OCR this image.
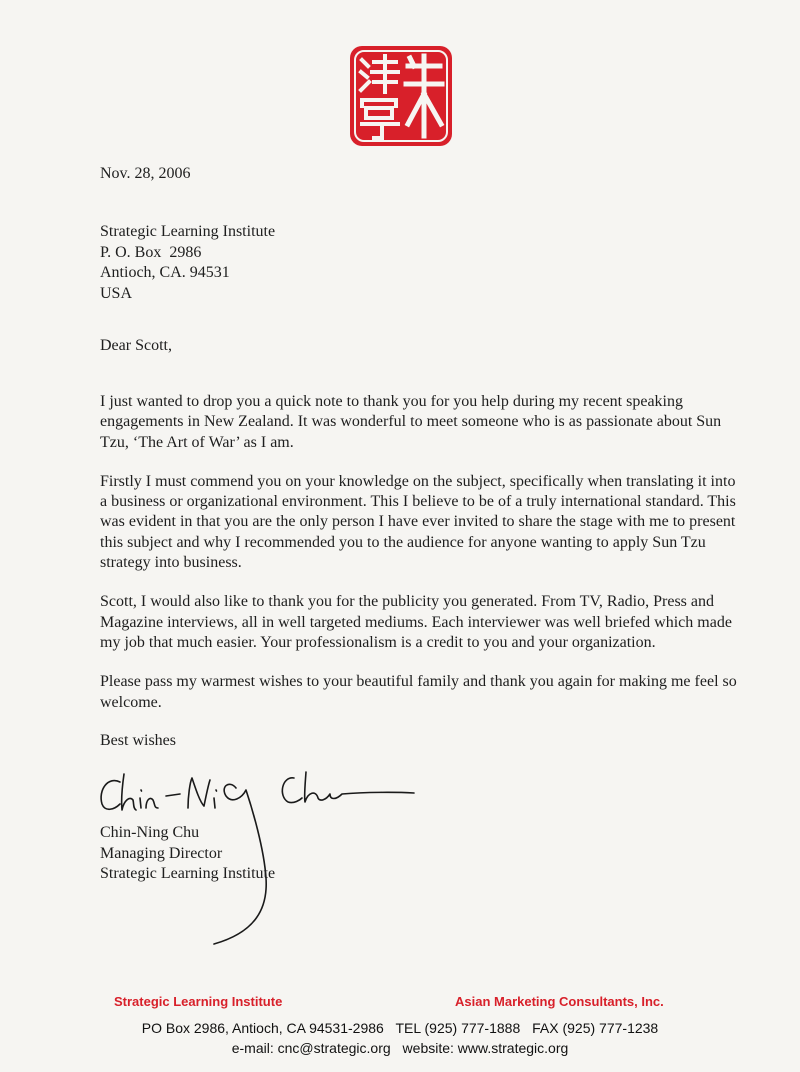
Nov. 28, 2006
Strategic Learning Institute
P. O. Box  2986
Antioch, CA. 94531
USA
Dear Scott,

I just wanted to drop you a quick note to thank you for you help during my recent speaking engagements in New Zealand. It was wonderful to meet someone who is as passionate about Sun Tzu, ‘The Art of War’ as I am.

Firstly I must commend you on your knowledge on the subject, specifically when translating it into a business or organizational environment. This I believe to be of a truly international standard. This was evident in that you are the only person I have ever invited to share the stage with me to present this subject and why I recommended you to the audience for anyone wanting to apply Sun Tzu strategy into business.

Scott, I would also like to thank you for the publicity you generated. From TV, Radio, Press and Magazine interviews, all in well targeted mediums. Each interviewer was well briefed which made my job that much easier. Your professionalism is a credit to you and your organization.

Please pass my warmest wishes to your beautiful family and thank you again for making me feel so welcome.

Best wishes
Chin-Ning Chu
Managing Director
Strategic Learning Institute
Strategic Learning Institute	Asian Marketing Consultants, Inc.
PO Box 2986, Antioch, CA 94531-2986 TEL (925) 777-1888 FAX (925) 777-1238
e-mail: cnc@strategic.org website: www.strategic.org
